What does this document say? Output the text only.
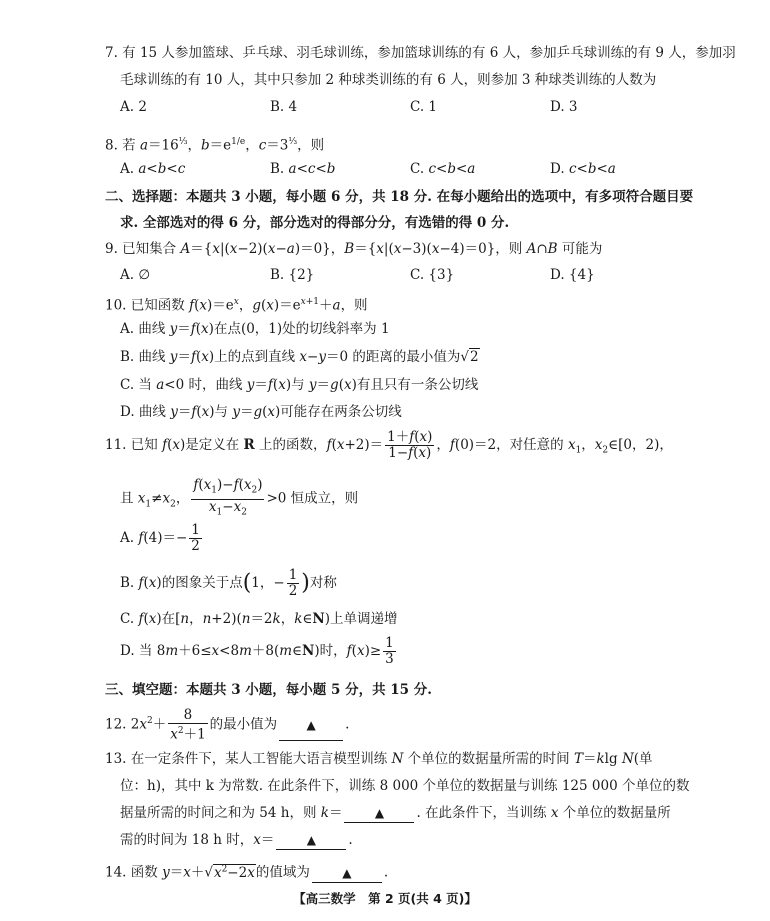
7. 有 15 人参加篮球、乒乓球、羽毛球训练，参加篮球训练的有 6 人，参加乒乓球训练的有 9 人，参加羽
毛球训练的有 10 人，其中只参加 2 种球类训练的有 6 人，则参加 3 种球类训练的人数为
A. 2	B. 4	C. 1	D. 3
8. 若 $a=16^{\frac{1}{3}}$，$b=e^{1/e}$，$c=3^{\frac{1}{3}}$，则
A. a<b<c	B. a<c<b	C. c<b<a	D. c<b<a
二、选择题：本题共 3 小题，每小题 6 分，共 18 分. 在每小题给出的选项中，有多项符合题目要
求. 全部选对的得 6 分，部分选对的得部分分，有选错的得 0 分.
9. 已知集合 A＝{x|(x−2)(x−a)＝0}，B＝{x|(x−3)(x−4)＝0}，则 A∩B 可能为
A. ∅	B. {2}	C. {3}	D. {4}
10. 已知函数 $f(x)=e^x$，$g(x)=e^{x+1}+a$，则
A. 曲线 y＝f(x)在点(0，1)处的切线斜率为 1
B. 曲线 y＝f(x)上的点到直线 x−y＝0 的距离的最小值为√2
C. 当 a<0 时，曲线 y＝f(x)与 y＝g(x)有且只有一条公切线
D. 曲线 y＝f(x)与 y＝g(x)可能存在两条公切线
11. 已知 f(x)是定义在 R 上的函数，$f(x+2)= \frac{1+f(x)}{1-f(x)}$ ，f(0)＝2，对任意的 $x_1$，$x_2\in[0$，2)，
且 $x_1\ne x_2$， $\frac{f(x_1)-f(x_2)}{x_1-x_2} >0$ 恒成立，则
A. $f(4)=- \frac{1}{2}$
B. f(x)的图象关于点(1，− $\frac{1}{2}$ )对称
C. f(x)在[n，n+2)(n＝2k，k∈N)上单调递增
D. 当 8m＋6≤x<8m＋8(m∈N)时，$f(x)\ge \frac{1}{3}$
三、填空题：本题共 3 小题，每小题 5 分，共 15 分.
12. $2x^2+ \frac{8}{x^2+1}$ 的最小值为 ▲ .
13. 在一定条件下，某人工智能大语言模型训练 N 个单位的数据量所需的时间 T＝klg N(单
位：h)，其中 k 为常数. 在此条件下，训练 8 000 个单位的数据量与训练 125 000 个单位的数
据量所需的时间之和为 54 h，则 k＝	▲ . 在此条件下，当训练 x 个单位的数据量所
需的时间为 18 h 时，x＝	▲ .
14. 函数 $y=x+√x^2-2x$的值域为	▲ .
【高三数学　第 2 页(共 4 页)】
